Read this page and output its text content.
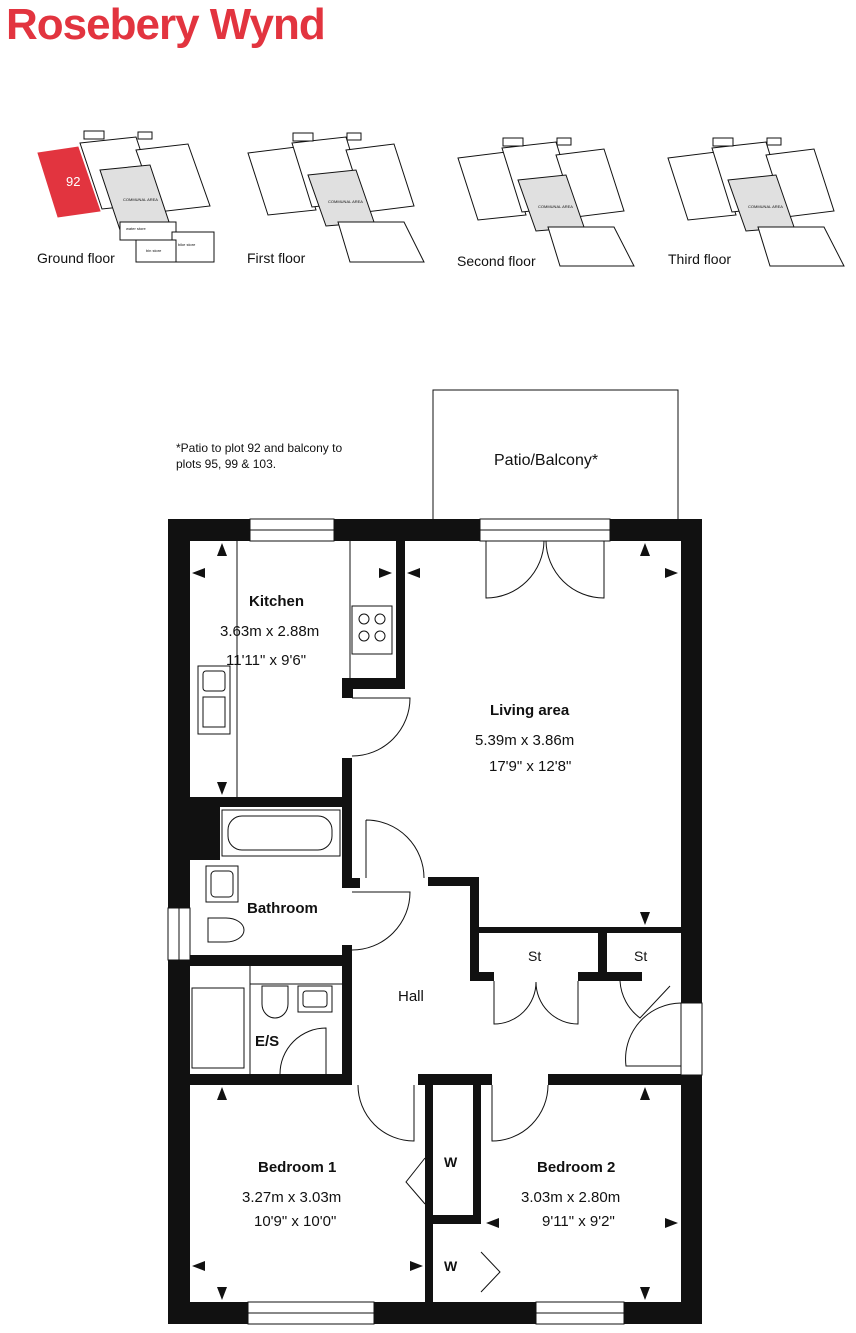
Rosebery Wynd
92
COMMUNAL AREA
water store
bin store
bike store
Ground floor
COMMUNAL AREA
First floor
COMMUNAL AREA
Second floor
COMMUNAL AREA
Third floor
*Patio to plot 92 and balcony to
plots 95, 99 & 103.	Patio/Balcony*
Kitchen
3.63m x 2.88m
11'11" x 9'6"
Living area
5.39m x 3.86m
17'9" x 12'8"
Bathroom
E/S
Hall
St	St
Bedroom 1
3.27m x 3.03m
10'9" x 10'0"
Bedroom 2
3.03m x 2.80m
9'11" x 9'2"
W
W
